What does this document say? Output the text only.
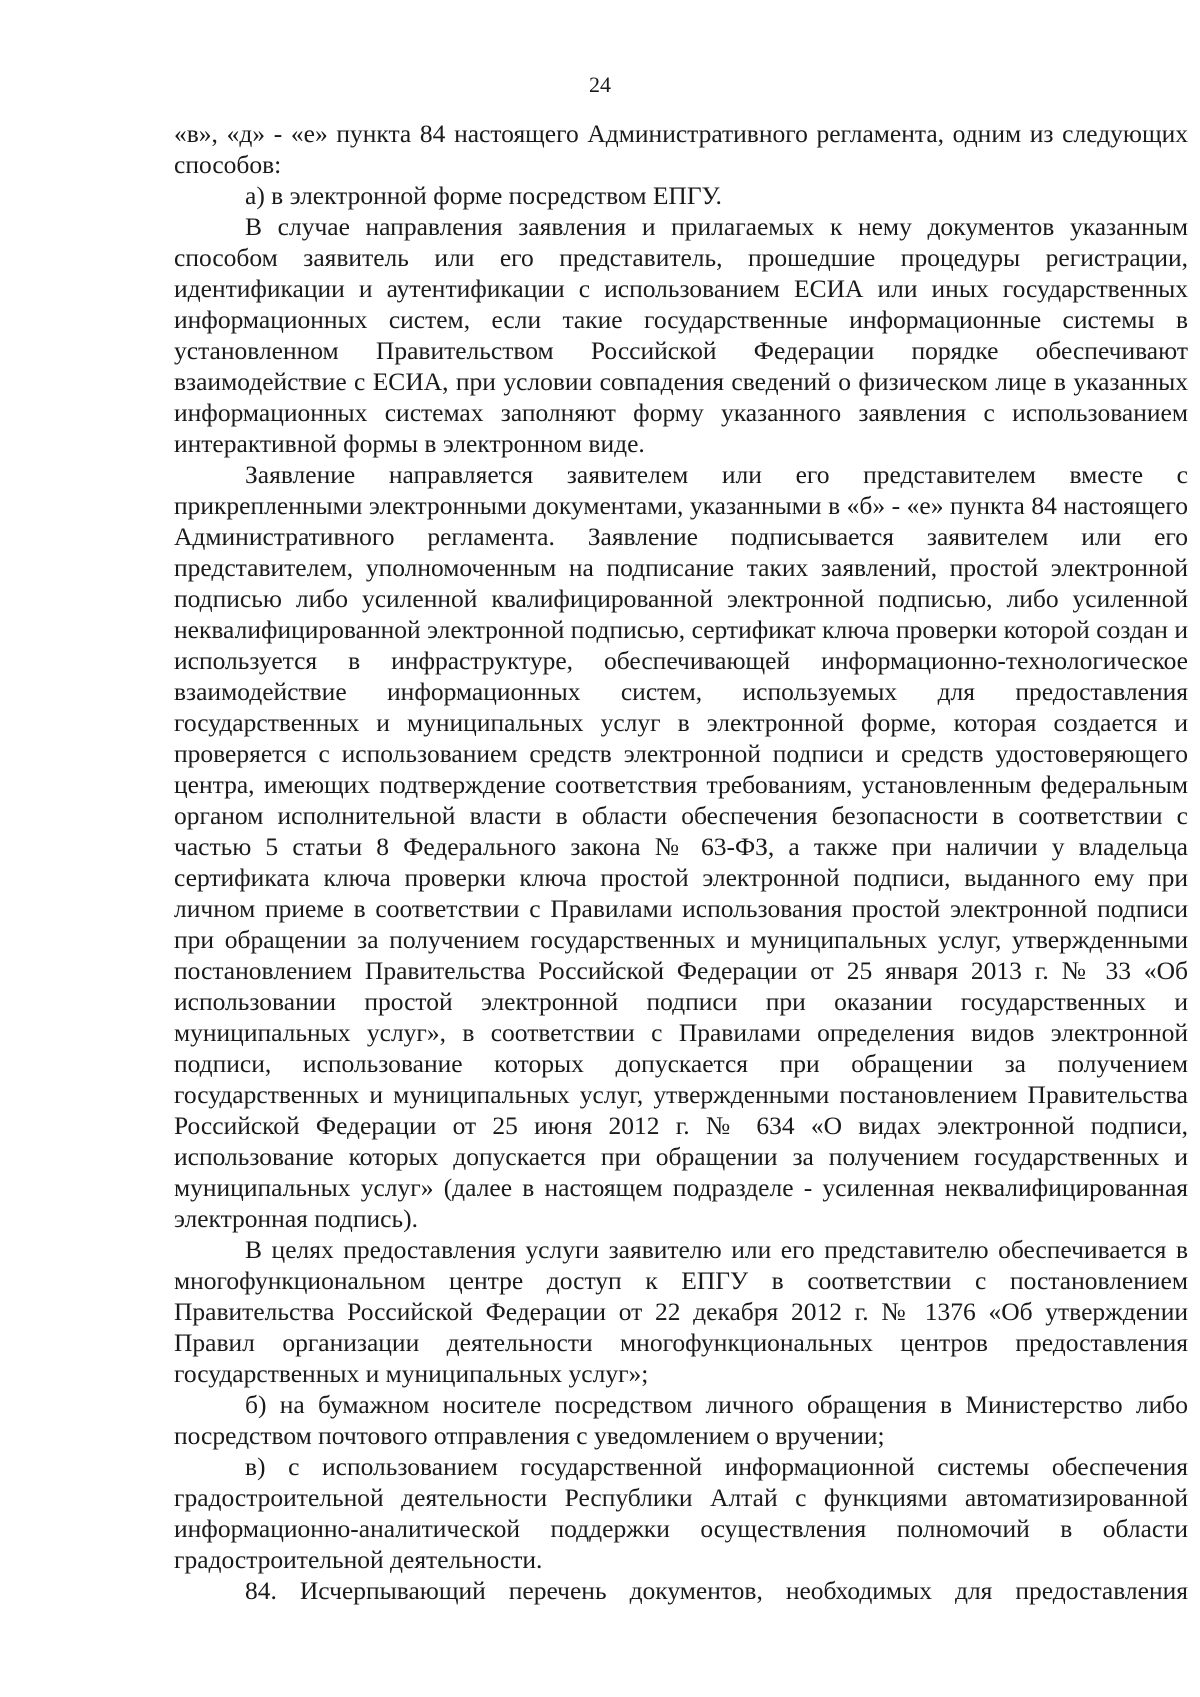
24

«в», «д» - «е» пункта 84 настоящего Административного регламента, одним из следующих способов:

а) в электронной форме посредством ЕПГУ.

В случае направления заявления и прилагаемых к нему документов указанным способом заявитель или его представитель, прошедшие процедуры регистрации, идентификации и аутентификации с использованием ЕСИА или иных государственных информационных систем, если такие государственные информационные системы в установленном Правительством Российской Федерации порядке обеспечивают взаимодействие с ЕСИА, при условии совпадения сведений о физическом лице в указанных информационных системах заполняют форму указанного заявления с использованием интерактивной формы в электронном виде.

Заявление направляется заявителем или его представителем вместе с прикрепленными электронными документами, указанными в «б» - «е» пункта 84 настоящего Административного регламента. Заявление подписывается заявителем или его представителем, уполномоченным на подписание таких заявлений, простой электронной подписью либо усиленной квалифицированной электронной подписью, либо усиленной неквалифицированной электронной подписью, сертификат ключа проверки которой создан и используется в инфраструктуре, обеспечивающей информационно-технологическое взаимодействие информационных систем, используемых для предоставления государственных и муниципальных услуг в электронной форме, которая создается и проверяется с использованием средств электронной подписи и средств удостоверяющего центра, имеющих подтверждение соответствия требованиям, установленным федеральным органом исполнительной власти в области обеспечения безопасности в соответствии с частью 5 статьи 8 Федерального закона № 63-ФЗ, а также при наличии у владельца сертификата ключа проверки ключа простой электронной подписи, выданного ему при личном приеме в соответствии с Правилами использования простой электронной подписи при обращении за получением государственных и муниципальных услуг, утвержденными постановлением Правительства Российской Федерации от 25 января 2013 г. № 33 «Об использовании простой электронной подписи при оказании государственных и муниципальных услуг», в соответствии с Правилами определения видов электронной подписи, использование которых допускается при обращении за получением государственных и муниципальных услуг, утвержденными постановлением Правительства Российской Федерации от 25 июня 2012 г. № 634 «О видах электронной подписи, использование которых допускается при обращении за получением государственных и муниципальных услуг» (далее в настоящем подразделе - усиленная неквалифицированная электронная подпись).

В целях предоставления услуги заявителю или его представителю обеспечивается в многофункциональном центре доступ к ЕПГУ в соответствии с постановлением Правительства Российской Федерации от 22 декабря 2012 г. № 1376 «Об утверждении Правил организации деятельности многофункциональных центров предоставления государственных и муниципальных услуг»;

б) на бумажном носителе посредством личного обращения в Министерство либо посредством почтового отправления с уведомлением о вручении;

в) с использованием государственной информационной системы обеспечения градостроительной деятельности Республики Алтай с функциями автоматизированной информационно-аналитической поддержки осуществления полномочий в области градостроительной деятельности.

84. Исчерпывающий перечень документов, необходимых для предоставления
